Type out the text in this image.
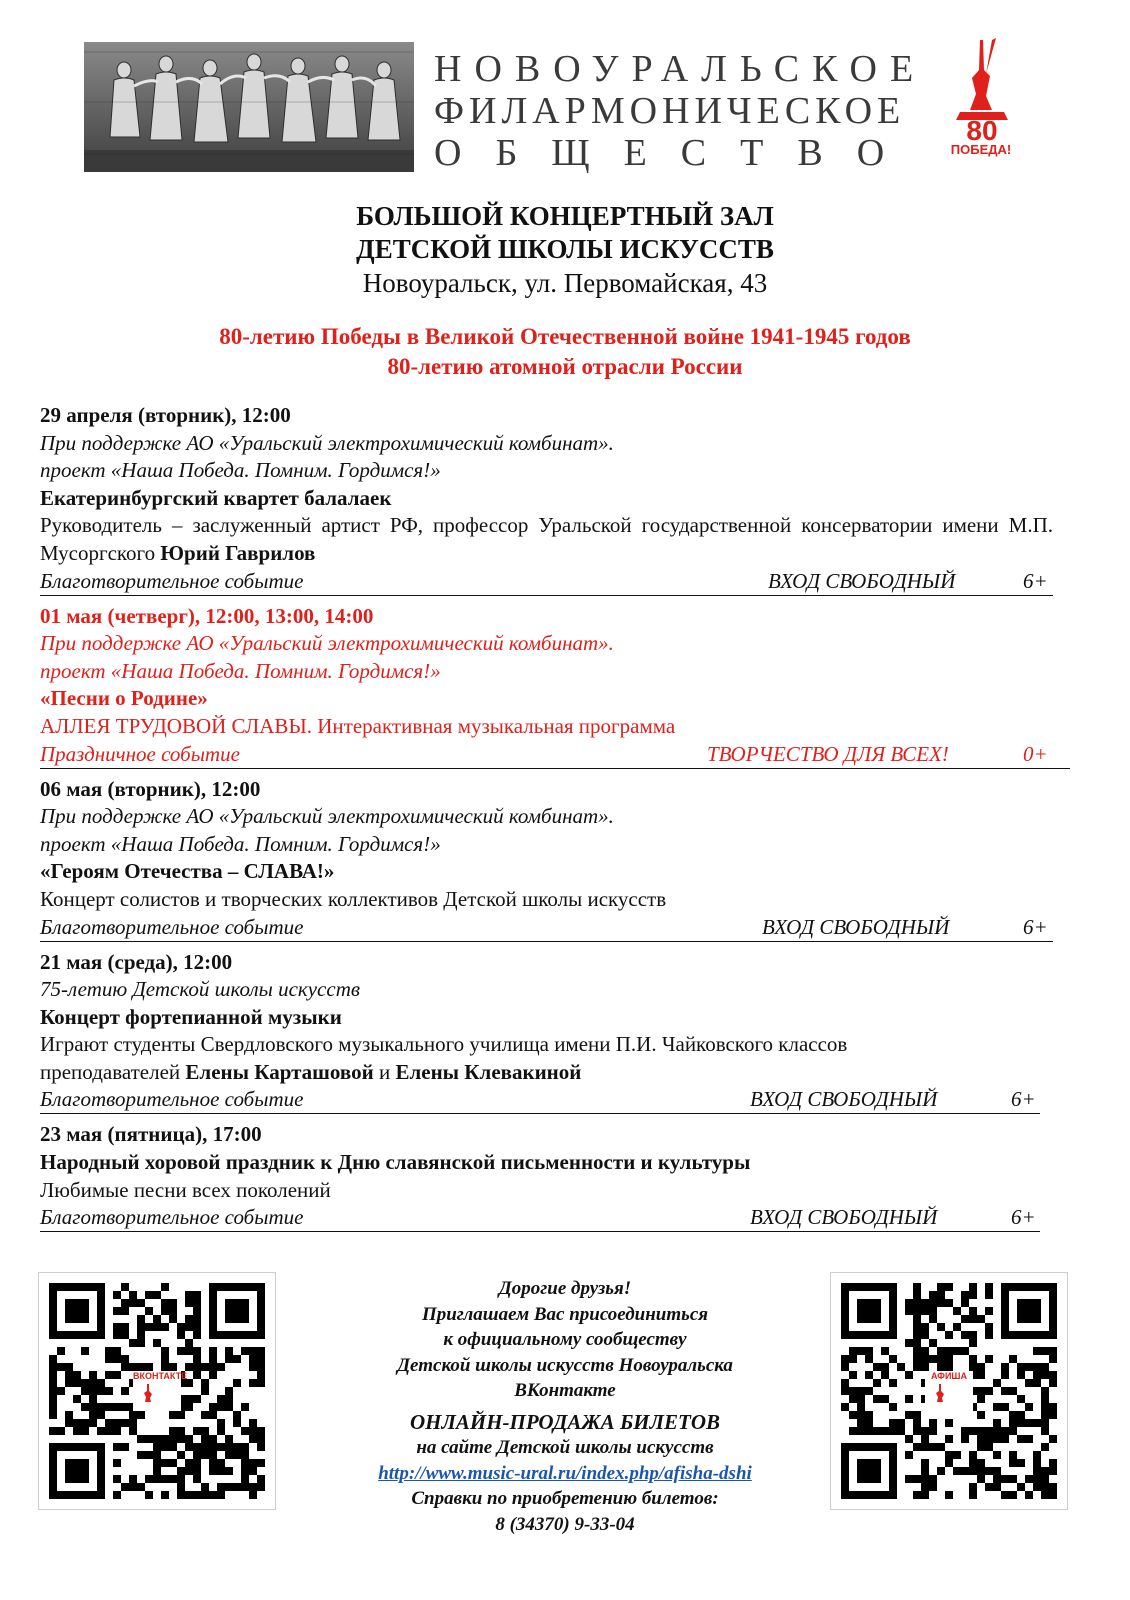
НОВОУРАЛЬСКОЕ
ФИЛАРМОНИЧЕСКОЕ
ОБЩЕСТВО
80
ПОБЕДА!
БОЛЬШОЙ КОНЦЕРТНЫЙ ЗАЛ
ДЕТСКОЙ ШКОЛЫ ИСКУССТВ
Новоуральск, ул. Первомайская, 43
80-летию Победы в Великой Отечественной войне 1941-1945 годов
80-летию атомной отрасли России
29 апреля (вторник), 12:00
При поддержке АО «Уральский электрохимический комбинат».
проект «Наша Победа. Помним. Гордимся!»
Екатеринбургский квартет балалаек
Руководитель – заслуженный артист РФ, профессор Уральской государственной консерватории имени М.П. Мусоргского Юрий Гаврилов
Благотворительное событие	ВХОД СВОБОДНЫЙ	6+
01 мая (четверг), 12:00, 13:00, 14:00
При поддержке АО «Уральский электрохимический комбинат».
проект «Наша Победа. Помним. Гордимся!»
«Песни о Родине»
АЛЛЕЯ ТРУДОВОЙ СЛАВЫ. Интерактивная музыкальная программа
Праздничное событие	ТВОРЧЕСТВО ДЛЯ ВСЕХ!	0+
06 мая (вторник), 12:00
При поддержке АО «Уральский электрохимический комбинат».
проект «Наша Победа. Помним. Гордимся!»
«Героям Отечества – СЛАВА!»
Концерт солистов и творческих коллективов Детской школы искусств
Благотворительное событие	ВХОД СВОБОДНЫЙ	6+
21 мая (среда), 12:00
75-летию Детской школы искусств
Концерт фортепианной музыки
Играют студенты Свердловского музыкального училища имени П.И. Чайковского классов
преподавателей Елены Карташовой и Елены Клевакиной
Благотворительное событие	ВХОД СВОБОДНЫЙ	6+
23 мая (пятница), 17:00
Народный хоровой праздник к Дню славянской письменности и культуры
Любимые песни всех поколений
Благотворительное событие	ВХОД СВОБОДНЫЙ	6+
ВКОНТАКТЕ
Дорогие друзья!
Приглашаем Вас присоединиться
к официальному сообществу
Детской школы искусств Новоуральска
ВКонтакте
ОНЛАЙН-ПРОДАЖА БИЛЕТОВ
на сайте Детской школы искусств
http://www.music-ural.ru/index.php/afisha-dshi
Справки по приобретению билетов:
8 (34370) 9-33-04
АФИША
